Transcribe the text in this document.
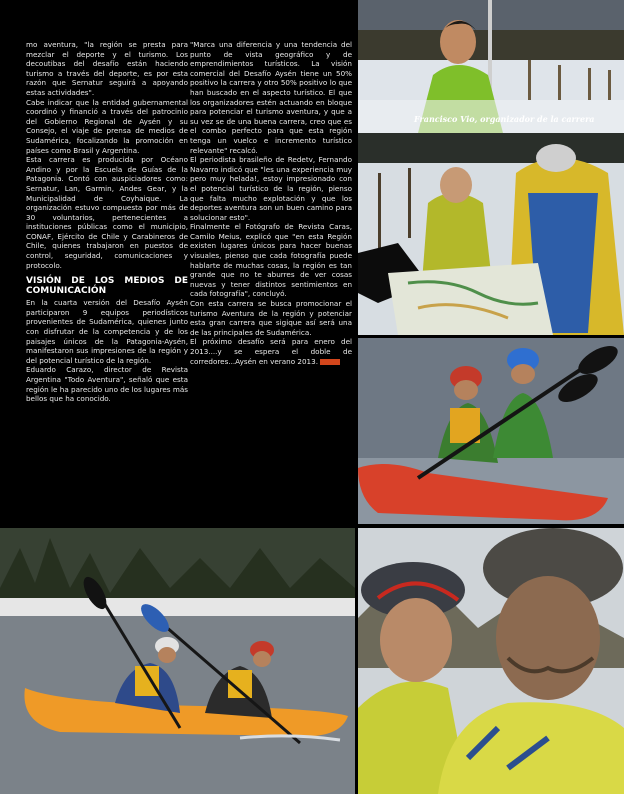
mo aventura, "la región se presta para mezclar el deporte y el turismo. Los decoutibas del desafío están haciendo turismo a través del deporte, es por esta razón que Sernatur seguirá a apoyando estas actividades".

Cabe indicar que la entidad gubernamental coordinó y financió a través del patrocinio del Gobierno Regional de Aysén y su Consejo, el viaje de prensa de medios de Sudamérica, focalizando la promoción en países como Brasil y Argentina.

Esta carrera es producida por Océano Andino y por la Escuela de Guías de la Patagonia. Contó con auspiciadores como: Sernatur, Lan, Garmin, Andes Gear, y la Municipalidad de Coyhaique. La organización estuvo compuesta por más de 30 voluntarios, pertenecientes a instituciones públicas como el municipio, CONAF, Ejército de Chile y Carabineros de Chile, quienes trabajaron en puestos de control, seguridad, comunicaciones y protocolo.

VISIÓN DE LOS MEDIOS DE COMUNICACIÓN

En la cuarta versión del Desafío Aysén participaron 9 equipos periodísticos provenientes de Sudamérica, quienes junto con disfrutar de la competencia y de los paisajes únicos de la Patagonia-Aysén, manifestaron sus impresiones de la región y del potencial turístico de la región.

Eduardo Carazo, director de Revista Argentina "Todo Aventura", señaló que esta región le ha parecido uno de los lugares más bellos que ha conocido.

"Marca una diferencia y una tendencia del punto de vista geográfico y de emprendimientos turísticos. La visión comercial del Desafío Aysén tiene un 50% positivo la carrera y otro 50% positivo lo que han buscado en el aspecto turístico. El que los organizadores estén actuando en bloque para potenciar el turismo aventura, y que a su vez se de una buena carrera, creo que es el combo perfecto para que esta región tenga un vuelco e incremento turístico relevante" recalcó.

El periodista brasileño de Redetv, Fernando Navarro indicó que "les una experiencia muy pero muy helada!, estoy impresionado con el potencial turístico de la región, pienso que falta mucho explotación y que los deportes aventura son un buen camino para solucionar esto".

Finalmente el Fotógrafo de Revista Caras, Camilo Meius, explicó que "en esta Región existen lugares únicos para hacer buenas visuales, pienso que cada fotografía puede hablarte de muchas cosas, la región es tan grande que no te aburres de ver cosas nuevas y tener distintos sentimientos en cada fotografía", concluyó.

Con esta carrera se busca promocionar el turismo Aventura de la región y potenciar esta gran carrera que sigique así será una de las principales de Sudamérica.

El próximo desafío será para enero del 2013....y se espera el doble de corredores...Aysén en verano 2013.

Francisco Vio, organizador de la carrera
